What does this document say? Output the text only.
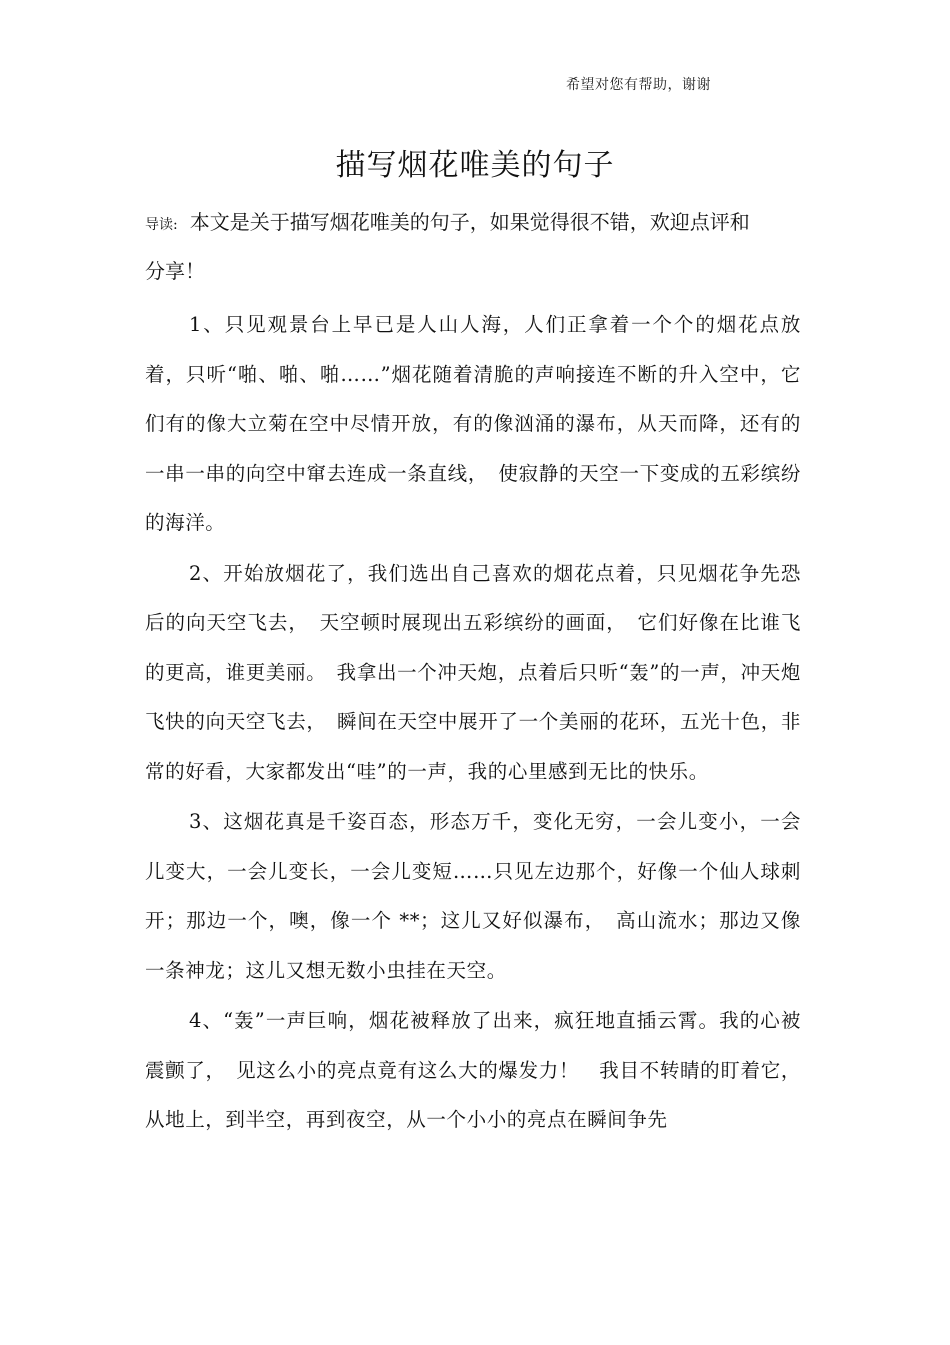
希望对您有帮助，谢谢
描写烟花唯美的句子

导读: 本文是关于描写烟花唯美的句子，如果觉得很不错，欢迎点评和分享！

1、只见观景台上早已是人山人海，人们正拿着一个个的烟花点放着，只听“啪、啪、啪……”烟花随着清脆的声响接连不断的升入空中，它们有的像大立菊在空中尽情开放，有的像汹涌的瀑布，从天而降，还有的一串一串的向空中窜去连成一条直线，　使寂静的天空一下变成的五彩缤纷的海洋。

2、开始放烟花了，我们选出自己喜欢的烟花点着，只见烟花争先恐后的向天空飞去，　天空顿时展现出五彩缤纷的画面，　它们好像在比谁飞的更高，谁更美丽。　我拿出一个冲天炮，点着后只听“轰”的一声，冲天炮飞快的向天空飞去，　瞬间在天空中展开了一个美丽的花环，五光十色，非常的好看，大家都发出“哇”的一声，我的心里感到无比的快乐。

3、这烟花真是千姿百态，形态万千，变化无穷，一会儿变小，一会儿变大，一会儿变长，一会儿变短……只见左边那个，好像一个仙人球刺开；那边一个，噢，像一个 **；这儿又好似瀑布，　高山流水；那边又像一条神龙；这儿又想无数小虫挂在天空。

4、“轰”一声巨响，烟花被释放了出来，疯狂地直插云霄。我的心被震颤了，　见这么小的亮点竟有这么大的爆发力！　我目不转睛的盯着它，从地上，到半空，再到夜空，从一个小小的亮点在瞬间争先
